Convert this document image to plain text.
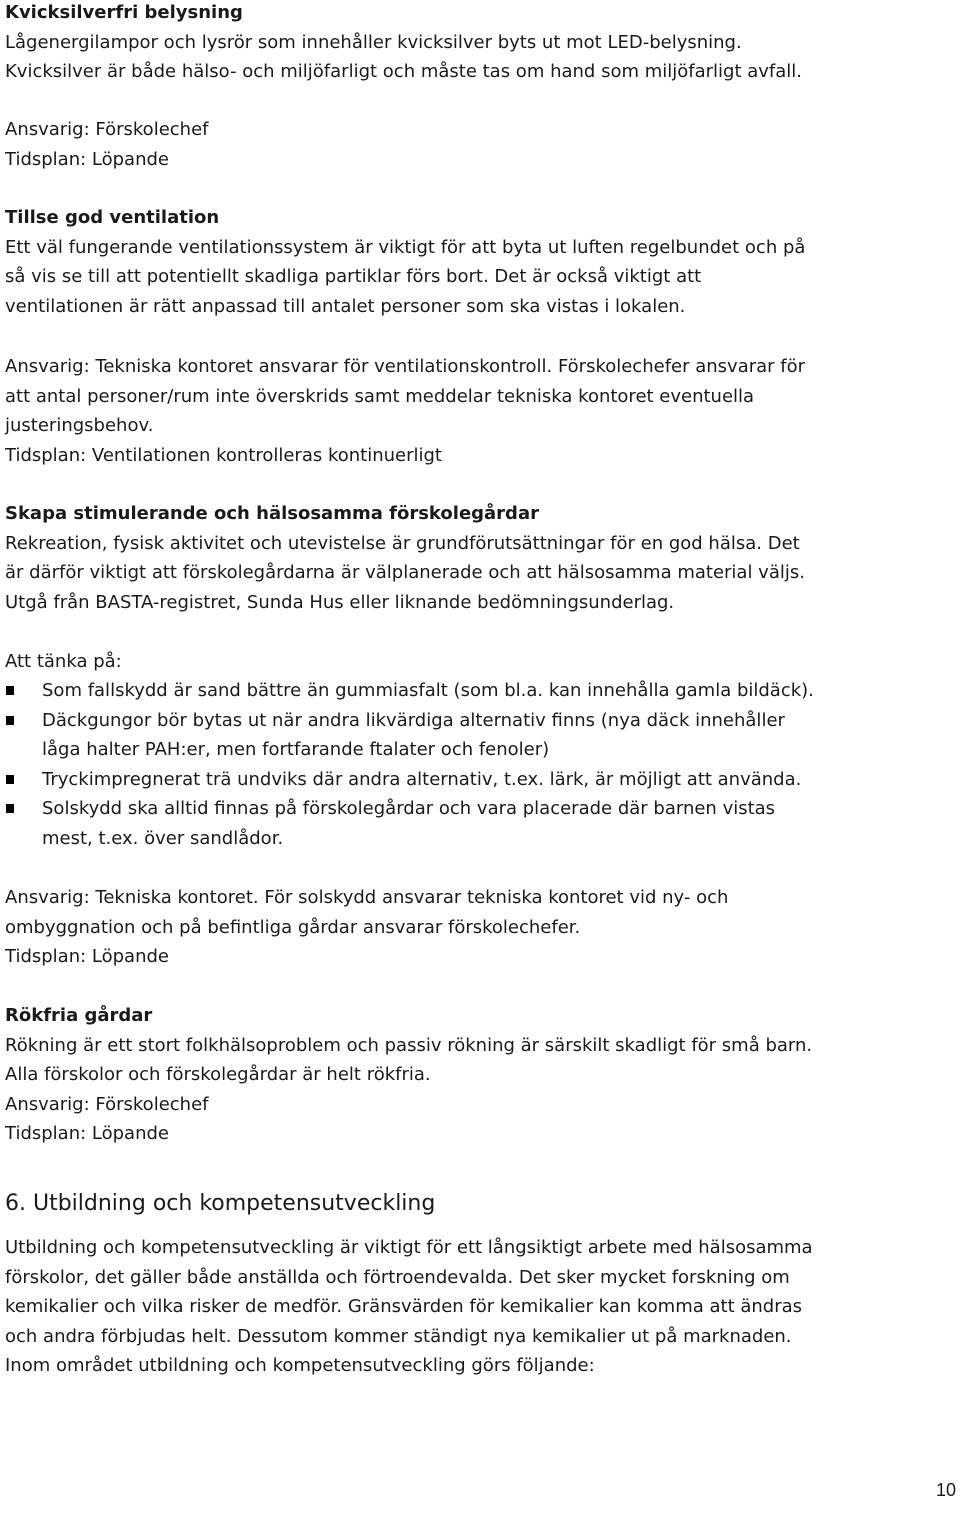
Kvicksilverfri belysning
Lågenergilampor och lysrör som innehåller kvicksilver byts ut mot LED-belysning.
Kvicksilver är både hälso- och miljöfarligt och måste tas om hand som miljöfarligt avfall.
Ansvarig: Förskolechef
Tidsplan: Löpande
Tillse god ventilation
Ett väl fungerande ventilationssystem är viktigt för att byta ut luften regelbundet och på
så vis se till att potentiellt skadliga partiklar förs bort. Det är också viktigt att
ventilationen är rätt anpassad till antalet personer som ska vistas i lokalen.
Ansvarig: Tekniska kontoret ansvarar för ventilationskontroll. Förskolechefer ansvarar för
att antal personer/rum inte överskrids samt meddelar tekniska kontoret eventuella
justeringsbehov.
Tidsplan: Ventilationen kontrolleras kontinuerligt
Skapa stimulerande och hälsosamma förskolegårdar
Rekreation, fysisk aktivitet och utevistelse är grundförutsättningar för en god hälsa. Det
är därför viktigt att förskolegårdarna är välplanerade och att hälsosamma material väljs.
Utgå från BASTA-registret, Sunda Hus eller liknande bedömningsunderlag.
Att tänka på:
Som fallskydd är sand bättre än gummiasfalt (som bl.a. kan innehålla gamla bildäck).
Däckgungor bör bytas ut när andra likvärdiga alternativ finns (nya däck innehåller
låga halter PAH:er, men fortfarande ftalater och fenoler)
Tryckimpregnerat trä undviks där andra alternativ, t.ex. lärk, är möjligt att använda.
Solskydd ska alltid finnas på förskolegårdar och vara placerade där barnen vistas
mest, t.ex. över sandlådor.
Ansvarig: Tekniska kontoret. För solskydd ansvarar tekniska kontoret vid ny- och
ombyggnation och på befintliga gårdar ansvarar förskolechefer.
Tidsplan: Löpande
Rökfria gårdar
Rökning är ett stort folkhälsoproblem och passiv rökning är särskilt skadligt för små barn.
Alla förskolor och förskolegårdar är helt rökfria.
Ansvarig: Förskolechef
Tidsplan: Löpande
6. Utbildning och kompetensutveckling
Utbildning och kompetensutveckling är viktigt för ett långsiktigt arbete med hälsosamma
förskolor, det gäller både anställda och förtroendevalda. Det sker mycket forskning om
kemikalier och vilka risker de medför. Gränsvärden för kemikalier kan komma att ändras
och andra förbjudas helt. Dessutom kommer ständigt nya kemikalier ut på marknaden.
Inom området utbildning och kompetensutveckling görs följande:
10
